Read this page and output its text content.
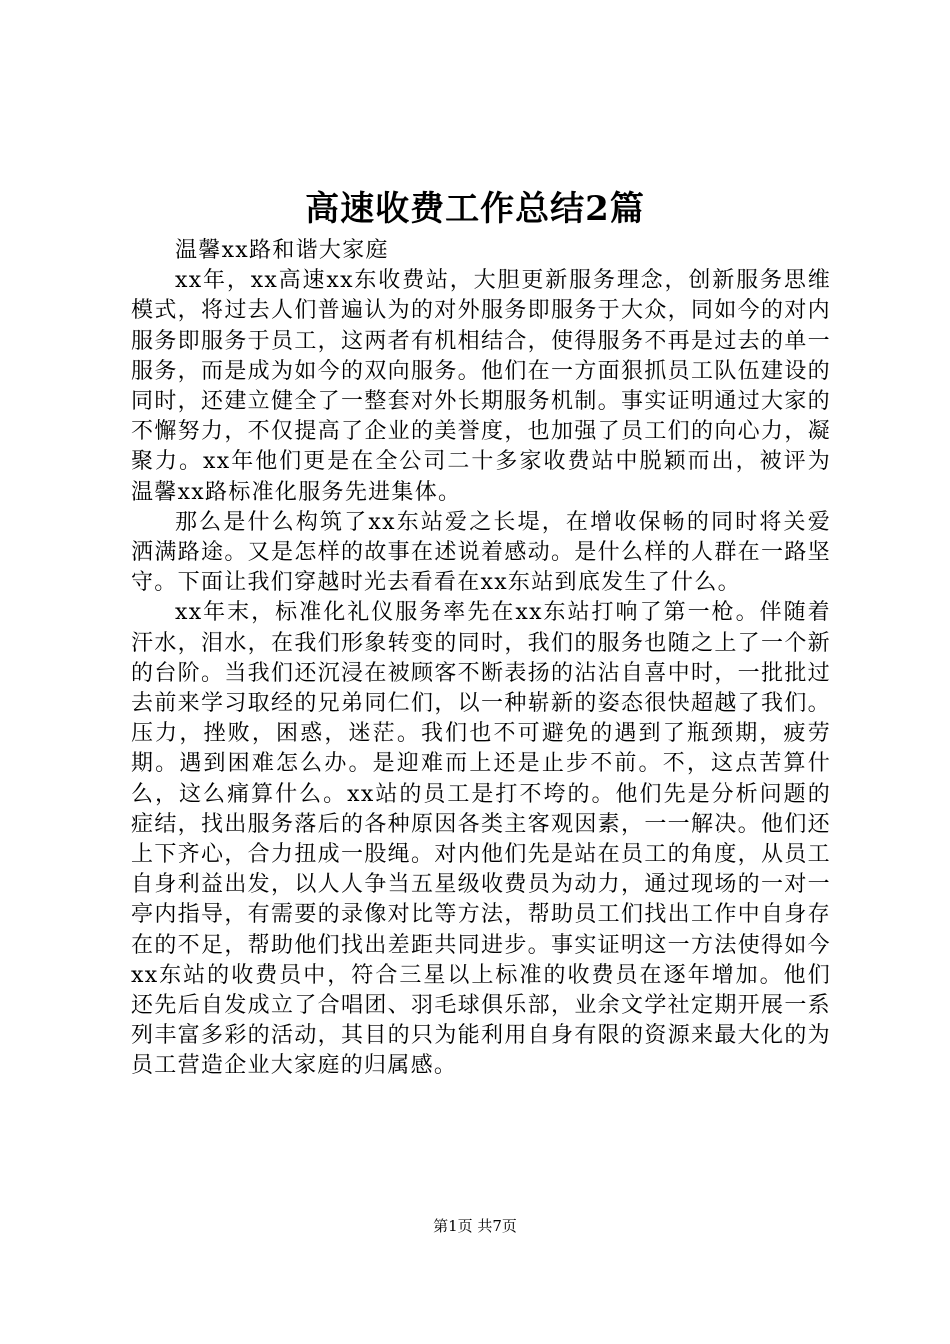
高速收费工作总结2篇

温馨xx路和谐大家庭

xx年，xx高速xx东收费站，大胆更新服务理念，创新服务思维模式，将过去人们普遍认为的对外服务即服务于大众，同如今的对内服务即服务于员工，这两者有机相结合，使得服务不再是过去的单一服务，而是成为如今的双向服务。他们在一方面狠抓员工队伍建设的同时，还建立健全了一整套对外长期服务机制。事实证明通过大家的不懈努力，不仅提高了企业的美誉度，也加强了员工们的向心力，凝聚力。xx年他们更是在全公司二十多家收费站中脱颖而出，被评为温馨xx路标准化服务先进集体。

那么是什么构筑了xx东站爱之长堤，在增收保畅的同时将关爱洒满路途。又是怎样的故事在述说着感动。是什么样的人群在一路坚守。下面让我们穿越时光去看看在xx东站到底发生了什么。

xx年末，标准化礼仪服务率先在xx东站打响了第一枪。伴随着汗水，泪水，在我们形象转变的同时，我们的服务也随之上了一个新的台阶。当我们还沉浸在被顾客不断表扬的沾沾自喜中时，一批批过去前来学习取经的兄弟同仁们，以一种崭新的姿态很快超越了我们。压力，挫败，困惑，迷茫。我们也不可避免的遇到了瓶颈期，疲劳期。遇到困难怎么办。是迎难而上还是止步不前。不，这点苦算什么，这么痛算什么。xx站的员工是打不垮的。他们先是分析问题的症结，找出服务落后的各种原因各类主客观因素，一一解决。他们还上下齐心，合力扭成一股绳。对内他们先是站在员工的角度，从员工自身利益出发，以人人争当五星级收费员为动力，通过现场的一对一亭内指导，有需要的录像对比等方法，帮助员工们找出工作中自身存在的不足，帮助他们找出差距共同进步。事实证明这一方法使得如今xx东站的收费员中，符合三星以上标准的收费员在逐年增加。他们还先后自发成立了合唱团、羽毛球俱乐部，业余文学社定期开展一系列丰富多彩的活动，其目的只为能利用自身有限的资源来最大化的为员工营造企业大家庭的归属感。

第1页 共7页
